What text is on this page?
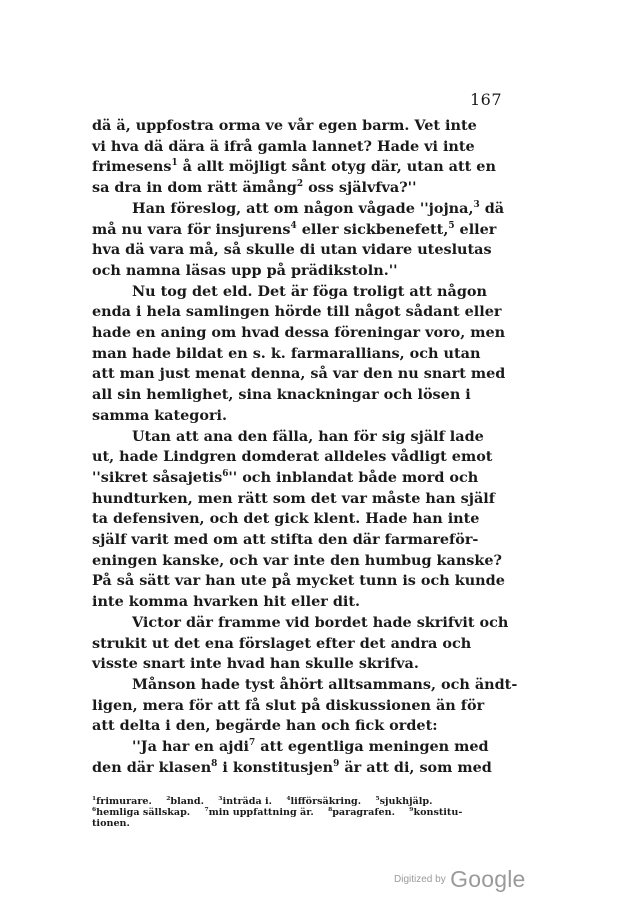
167
dä ä, uppfostra orma ve vår egen barm. Vet inte
vi hva dä dära ä ifrå gamla lannet? Hade vi inte
frimesens$^1$ å allt möjligt sånt otyg där, utan att en
sa dra in dom rätt ämång$^2$ oss självfva?''
Han föreslog, att om någon vågade ''jojna,$^3$ dä
må nu vara för insjurens$^4$ eller sickbenefett,$^5$ eller
hva dä vara må, så skulle di utan vidare uteslutas
och namna läsas upp på prädikstoln.''
Nu tog det eld. Det är föga troligt att någon
enda i hela samlingen hörde till något sådant eller
hade en aning om hvad dessa föreningar voro, men
man hade bildat en s. k. farmarallians, och utan
att man just menat denna, så var den nu snart med
all sin hemlighet, sina knackningar och lösen i
samma kategori.
Utan att ana den fälla, han för sig själf lade
ut, hade Lindgren domderat alldeles vådligt emot
''sikret såsajetis$^6$'' och inblandat både mord och
hundturken, men rätt som det var måste han själf
ta defensiven, och det gick klent. Hade han inte
själf varit med om att stifta den där farmareför-
eningen kanske, och var inte den humbug kanske?
På så sätt var han ute på mycket tunn is och kunde
inte komma hvarken hit eller dit.
Victor där framme vid bordet hade skrifvit och
strukit ut det ena förslaget efter det andra och
visste snart inte hvad han skulle skrifva.
Månson hade tyst åhört alltsammans, och ändt-
ligen, mera för att få slut på diskussionen än för
att delta i den, begärde han och fick ordet:
''Ja har en ajdi$^7$ att egentliga meningen med
den där klasen$^8$ i konstitusjen$^9$ är att di, som med
$^1$frimurare. $^2$bland. $^3$inträda i. $^4$lifförsäkring. $^5$sjukhjälp.
$^6$hemliga sällskap. $^7$min uppfattning är. $^8$paragrafen. $^9$konstitu-
tionen.
Digitized by Google
